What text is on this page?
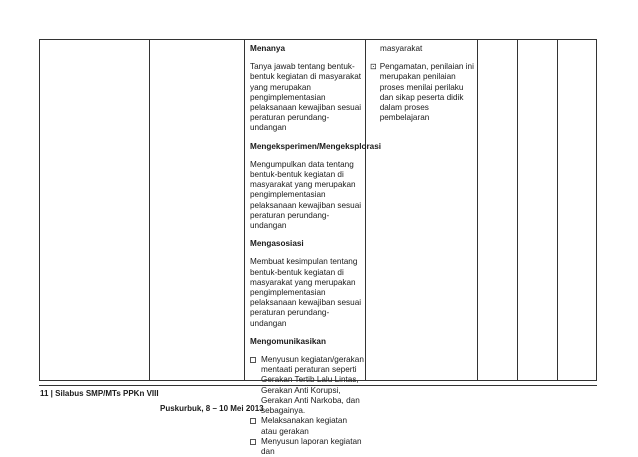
Menanya

Tanya jawab tentang bentuk-bentuk kegiatan di masyarakat yang merupakan pengimplementasian pelaksanaan kewajiban sesuai peraturan perundang-undangan

Mengeksperimen/Mengeksplorasi

Mengumpulkan data tentang bentuk-bentuk kegiatan di masyarakat yang merupakan pengimplementasian pelaksanaan kewajiban sesuai peraturan perundang-undangan

Mengasosiasi

Membuat kesimpulan tentang bentuk-bentuk kegiatan di masyarakat yang merupakan pengimplementasian pelaksanaan kewajiban sesuai peraturan perundang-undangan

Mengomunikasikan
Menyusun kegiatan/gerakan mentaati peraturan seperti Gerakan Tertib Lalu Lintas, Gerakan Anti Korupsi, Gerakan Anti Narkoba, dan sebagainya.
Melaksanakan kegiatan atau gerakan
Menyusun laporan kegiatan dan
masyarakat
⊡ Pengamatan, penilaian ini merupakan penilaian proses menilai perilaku dan sikap peserta didik dalam proses pembelajaran
11 | Silabus SMP/MTs PPKn VIII
Puskurbuk, 8 – 10 Mei 2013
